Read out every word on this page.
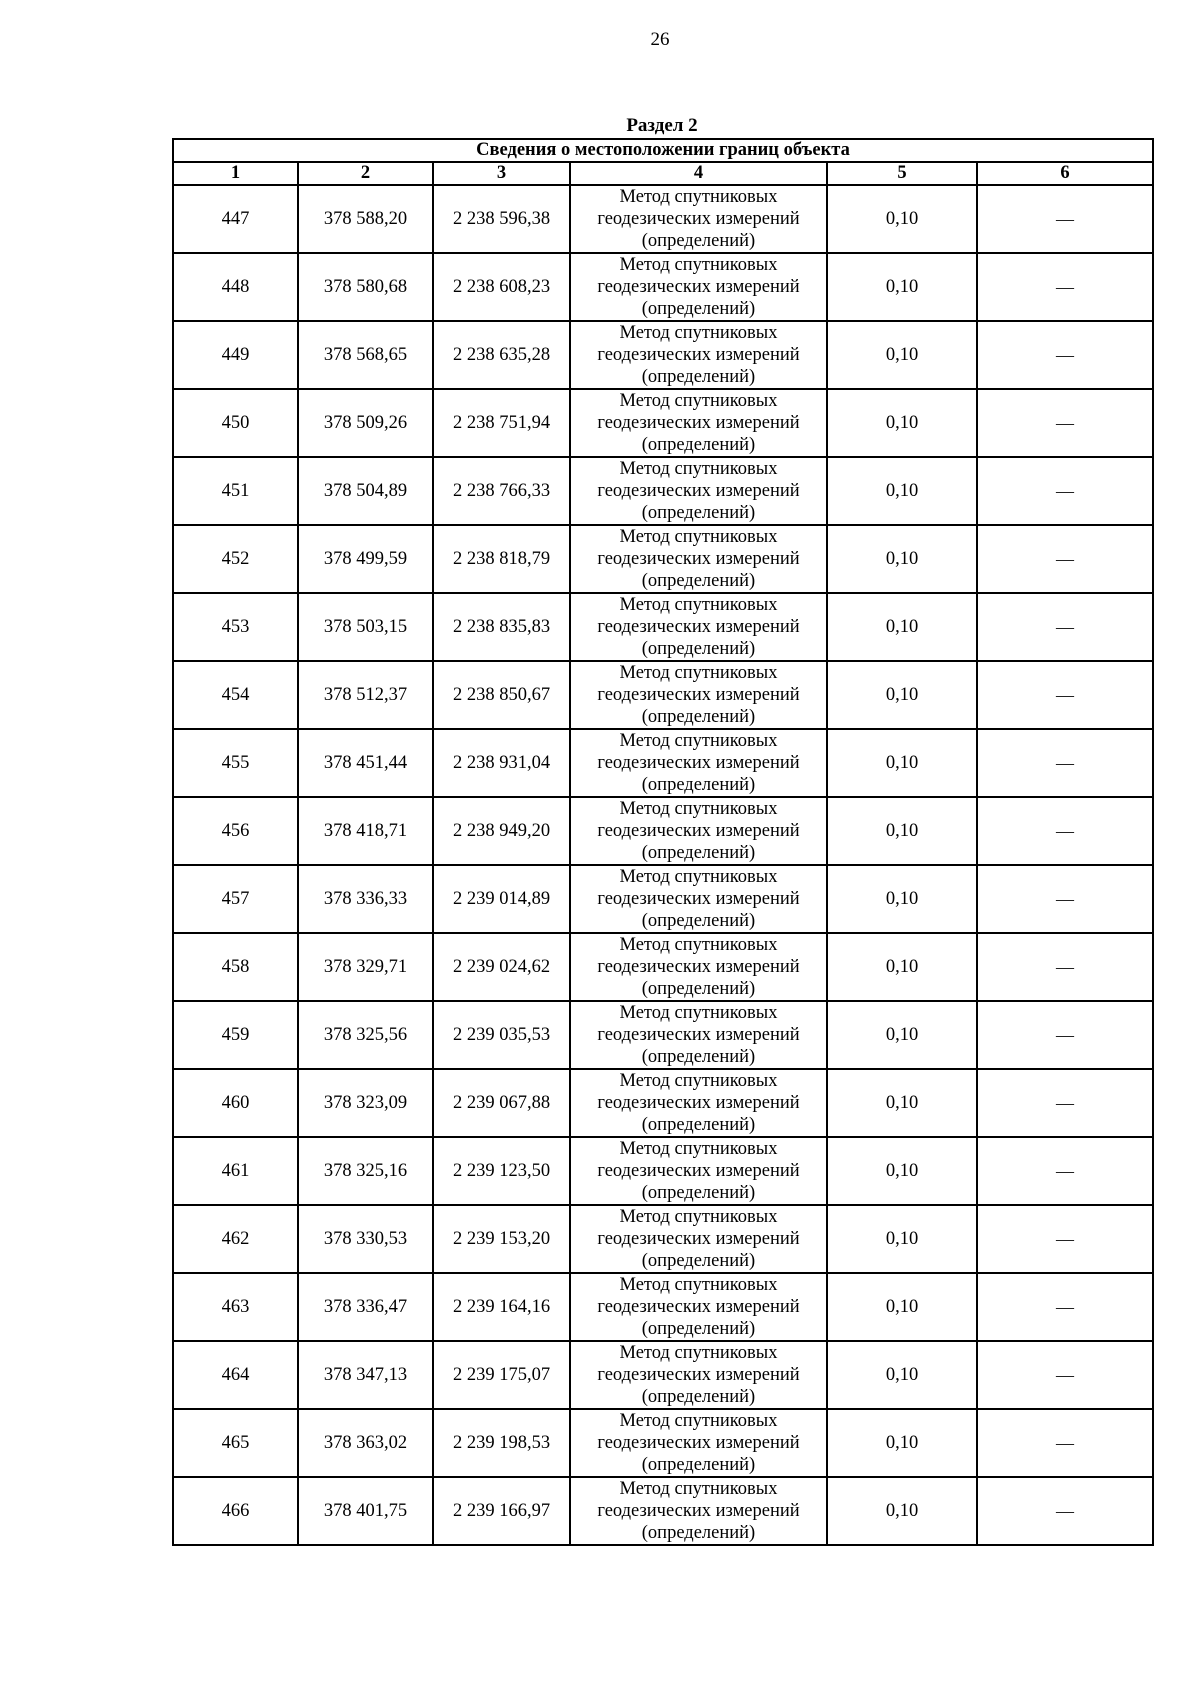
26
Раздел 2
Сведения о местоположении границ объекта					
1	2	3	4	5	6
447	378 588,20	2 238 596,38	Метод спутниковых
геодезических измерений
(определений)	0,10	—
448	378 580,68	2 238 608,23	Метод спутниковых
геодезических измерений
(определений)	0,10	—
449	378 568,65	2 238 635,28	Метод спутниковых
геодезических измерений
(определений)	0,10	—
450	378 509,26	2 238 751,94	Метод спутниковых
геодезических измерений
(определений)	0,10	—
451	378 504,89	2 238 766,33	Метод спутниковых
геодезических измерений
(определений)	0,10	—
452	378 499,59	2 238 818,79	Метод спутниковых
геодезических измерений
(определений)	0,10	—
453	378 503,15	2 238 835,83	Метод спутниковых
геодезических измерений
(определений)	0,10	—
454	378 512,37	2 238 850,67	Метод спутниковых
геодезических измерений
(определений)	0,10	—
455	378 451,44	2 238 931,04	Метод спутниковых
геодезических измерений
(определений)	0,10	—
456	378 418,71	2 238 949,20	Метод спутниковых
геодезических измерений
(определений)	0,10	—
457	378 336,33	2 239 014,89	Метод спутниковых
геодезических измерений
(определений)	0,10	—
458	378 329,71	2 239 024,62	Метод спутниковых
геодезических измерений
(определений)	0,10	—
459	378 325,56	2 239 035,53	Метод спутниковых
геодезических измерений
(определений)	0,10	—
460	378 323,09	2 239 067,88	Метод спутниковых
геодезических измерений
(определений)	0,10	—
461	378 325,16	2 239 123,50	Метод спутниковых
геодезических измерений
(определений)	0,10	—
462	378 330,53	2 239 153,20	Метод спутниковых
геодезических измерений
(определений)	0,10	—
463	378 336,47	2 239 164,16	Метод спутниковых
геодезических измерений
(определений)	0,10	—
464	378 347,13	2 239 175,07	Метод спутниковых
геодезических измерений
(определений)	0,10	—
465	378 363,02	2 239 198,53	Метод спутниковых
геодезических измерений
(определений)	0,10	—
466	378 401,75	2 239 166,97	Метод спутниковых
геодезических измерений
(определений)	0,10	—
